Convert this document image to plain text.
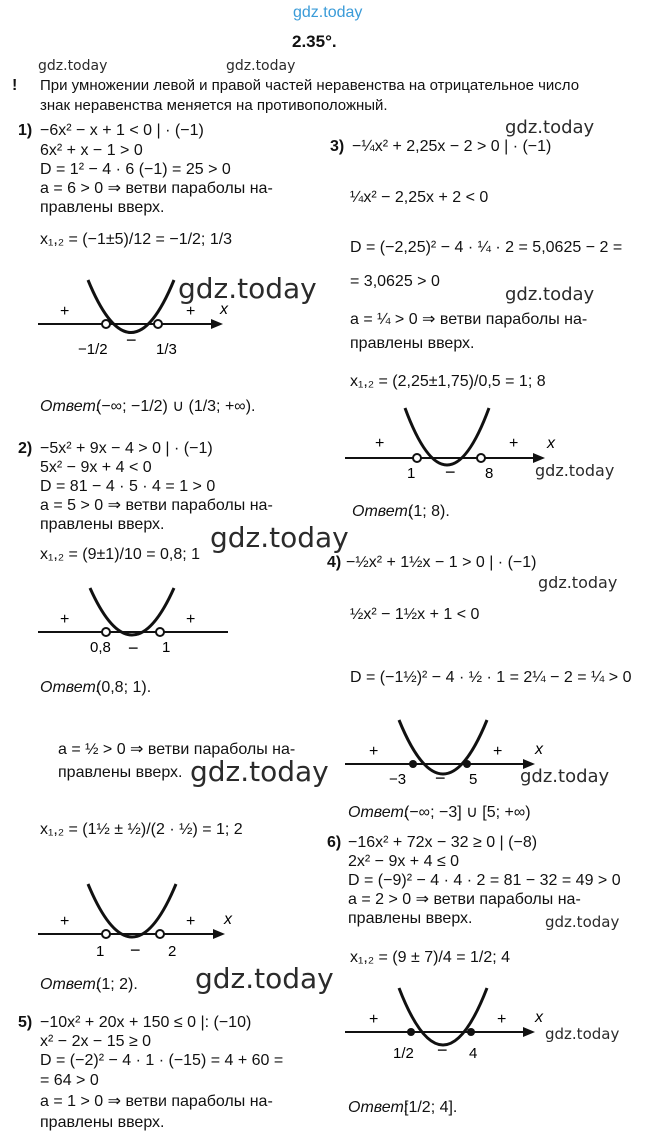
gdz.today
gdz.today	gdz.today
gdz.today
gdz.today	gdz.today
gdz.today
gdz.today
gdz.today
gdz.today	gdz.today
gdz.today
gdz.today
gdz.today
2.35°.
! При умножении левой и правой частей неравенства на отрицательное число
знак неравенства меняется на противоположный.
1) −6x² − x + 1 < 0 | · (−1)
6x² + x − 1 > 0
D = 1² − 4 · 6 (−1) = 25 > 0
a = 6 > 0 ⇒ ветви параболы на-
правлены вверх.
x₁,₂ = (−1±5)/12 = −1/2; 1/3
+
−
+ x
−1/2	1/3
Ответ:
(−∞; −1/2) ∪ (1/3; +∞).
2) −5x² + 9x − 4 > 0 | · (−1)
5x² − 9x + 4 < 0
D = 81 − 4 · 5 · 4 = 1 > 0
a = 5 > 0 ⇒ ветви параболы на-
правлены вверх.
x₁,₂ = (9±1)/10 = 0,8; 1
+
−
+
0,8	1
Ответ:
(0,8; 1).
a = ½ > 0 ⇒ ветви параболы на-
правлены вверх.
x₁,₂ = (1½ ± ½)/(2 · ½) = 1; 2
+
−
+ x
1	2
Ответ:
(1; 2).
5) −10x² + 20x + 150 ≤ 0 |: (−10)
x² − 2x − 15 ≥ 0
D = (−2)² − 4 · 1 · (−15) = 4 + 60 =
= 64 > 0
a = 1 > 0 ⇒ ветви параболы на-
правлены вверх.
3) −¼x² + 2,25x − 2 > 0 | · (−1)
¼x² − 2,25x + 2 < 0
D = (−2,25)² − 4 · ¼ · 2 = 5,0625 − 2 =
= 3,0625 > 0
a = ¼ > 0 ⇒ ветви параболы на-
правлены вверх.
x₁,₂ = (2,25±1,75)/0,5 = 1; 8
+
−
+ x
1	8
Ответ:
(1; 8).
4) −½x² + 1½x − 1 > 0 | · (−1)
½x² − 1½x + 1 < 0
D = (−1½)² − 4 · ½ · 1 = 2¼ − 2 = ¼ > 0
+
−
+ x
−3	5
Ответ:
(−∞; −3] ∪ [5; +∞)
6) −16x² + 72x − 32 ≥ 0 | (−8)
2x² − 9x + 4 ≤ 0
D = (−9)² − 4 · 4 · 2 = 81 − 32 = 49 > 0
a = 2 > 0 ⇒ ветви параболы на-
правлены вверх.
x₁,₂ = (9 ± 7)/4 = 1/2; 4
+
−
+ x
1/2	4
Ответ:
[1/2; 4].
